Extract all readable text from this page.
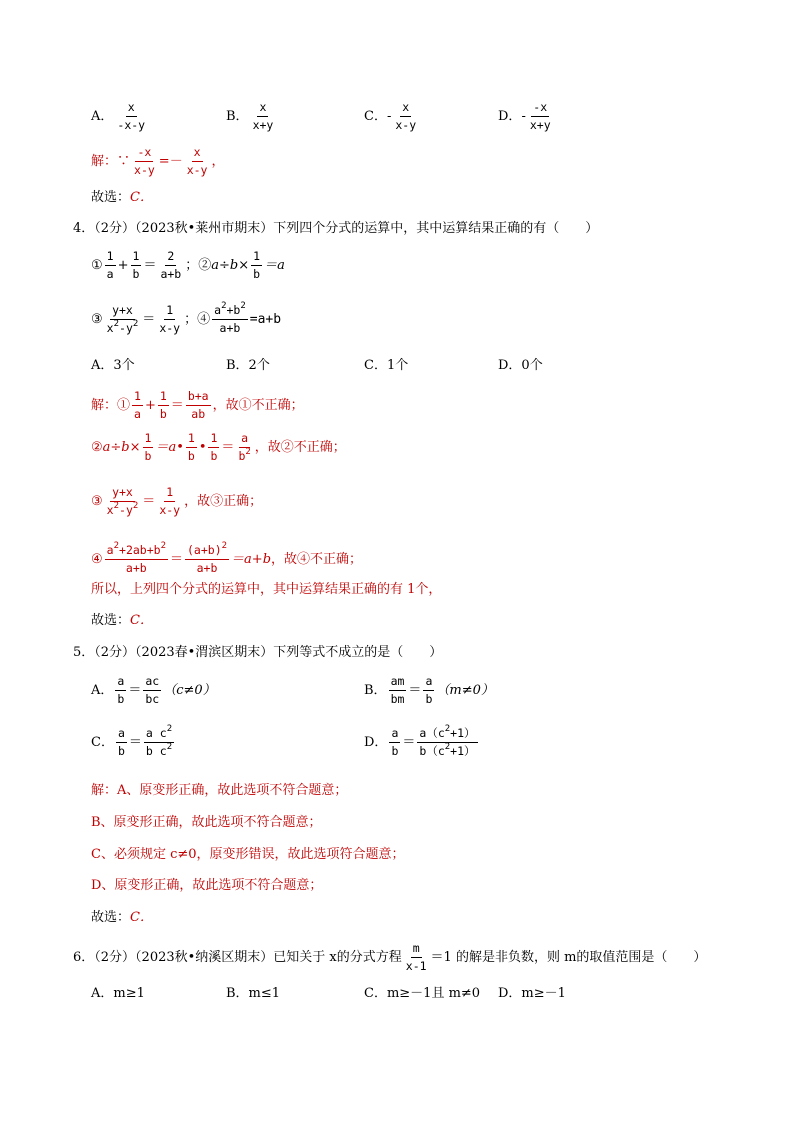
A． $\frac{x}{-x-y}$	B． $\frac{x}{x+y}$	C．- $\frac{x}{x-y}$	D．- $\frac{-x}{x+y}$
解：∵ $\frac{-x}{x-y} =- \frac{x}{x-y}$ ，
故选：C．
4．（2分）（2023秋•莱州市期末）下列四个分式的运算中，其中运算结果正确的有（　　）
① $\frac{1}{a} + \frac{1}{b} = \frac{2}{a+b}$ ；②a÷b× $\frac{1}{b} =a$
③ $\frac{y+x}{x^2-y^2} = \frac{1}{x-y}$ ；④ $\frac{a^2+b^2}{a+b} =a+b$
A．3个	B．2个	C．1个	D．0个
解：① $\frac{1}{a} + \frac{1}{b} = \frac{b+a}{ab}$ ，故①不正确；
②a÷b× $\frac{1}{b}$ ＝a• $\frac{1}{b}$ • $\frac{1}{b} = \frac{a}{b^2}$ ，故②不正确；
③ $\frac{y+x}{x^2-y^2} = \frac{1}{x-y}$ ，故③正确；
④ $\frac{a^2+2ab+b^2}{a+b} = \frac{(a+b)^2}{a+b} =a+b$，故④不正确；
所以，上列四个分式的运算中，其中运算结果正确的有 1个，
故选：C．
5．（2分）（2023春•渭滨区期末）下列等式不成立的是（　　）
A． $\frac{a}{b} = \frac{ac}{bc} (c\ne 0)$	B． $\frac{am}{bm} = \frac{a}{b} (m\ne 0)$
C． $\frac{a}{b} = \frac{a c^2}{b c^2}$	D． $\frac{a}{b} = \frac{a(c^2+1)}{b(c^2+1)}$
解：A、原变形正确，故此选项不符合题意；
B、原变形正确，故此选项不符合题意；
C、必须规定 c≠0，原变形错误，故此选项符合题意；
D、原变形正确，故此选项不符合题意；
故选：C．
6．（2分）（2023秋•纳溪区期末）已知关于 x的分式方程 $\frac{m}{x-1} =1$ 的解是非负数，则 m的取值范围是（　　）
A．m≥1	B．m≤1	C．m≥－1且 m≠0 D．m≥－1
